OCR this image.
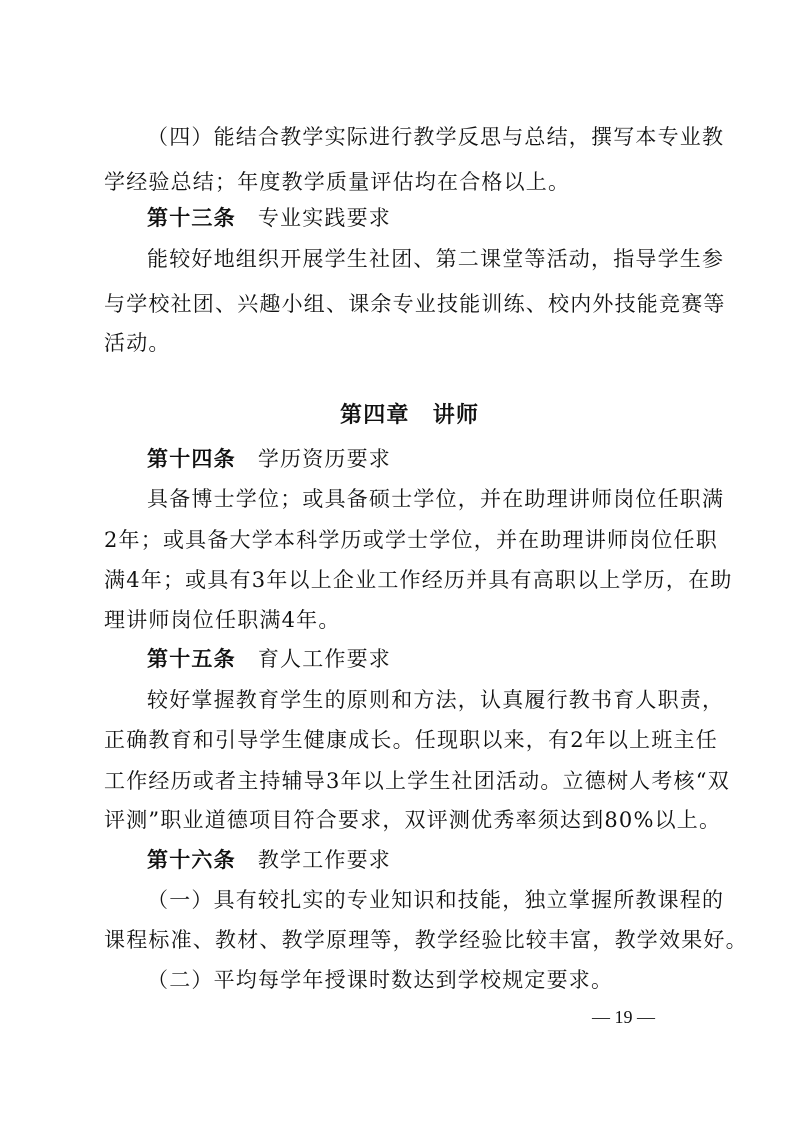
（四）能结合教学实际进行教学反思与总结，撰写本专业教
学经验总结；年度教学质量评估均在合格以上。
第十三条 专业实践要求
能较好地组织开展学生社团、第二课堂等活动，指导学生参
与学校社团、兴趣小组、课余专业技能训练、校内外技能竞赛等
活动。
第四章　讲师
第十四条 学历资历要求
具备博士学位；或具备硕士学位，并在助理讲师岗位任职满
2年；或具备大学本科学历或学士学位，并在助理讲师岗位任职
满4年；或具有3年以上企业工作经历并具有高职以上学历，在助
理讲师岗位任职满4年。
第十五条 育人工作要求
较好掌握教育学生的原则和方法，认真履行教书育人职责，
正确教育和引导学生健康成长。任现职以来，有2年以上班主任
工作经历或者主持辅导3年以上学生社团活动。立德树人考核“双
评测”职业道德项目符合要求，双评测优秀率须达到80%以上。
第十六条 教学工作要求
（一）具有较扎实的专业知识和技能，独立掌握所教课程的
课程标准、教材、教学原理等，教学经验比较丰富，教学效果好。
（二）平均每学年授课时数达到学校规定要求。
— 19 —
